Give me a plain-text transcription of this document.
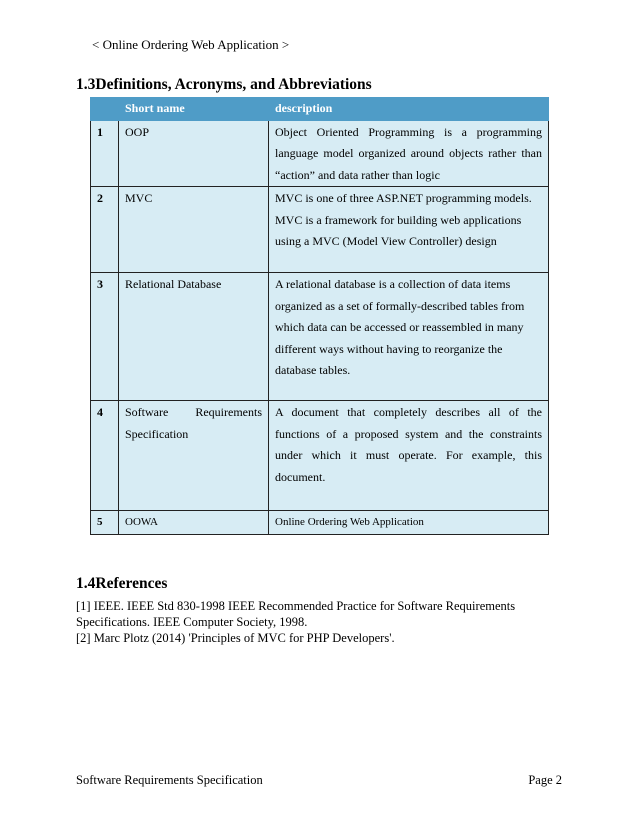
< Online Ordering Web Application >
1.3Definitions, Acronyms, and Abbreviations
	Short name	description
1	OOP	Object Oriented Programming is a programming language model organized around objects rather than “action” and data rather than logic
2	MVC	MVC is one of three ASP.NET programming models. MVC is a framework for building web applications using a MVC (Model View Controller) design
3	Relational Database	A relational database is a collection of data items organized as a set of formally-described tables from which data can be accessed or reassembled in many different ways without having to reorganize the database tables.
4	Software Requirements Specification	A document that completely describes all of the functions of a proposed system and the constraints under which it must operate. For example, this document.
5	OOWA	Online Ordering Web Application
1.4References
[1] IEEE. IEEE Std 830-1998 IEEE Recommended Practice for Software Requirements Specifications. IEEE Computer Society, 1998.
[2] Marc Plotz (2014) 'Principles of MVC for PHP Developers'.
Software Requirements Specification	Page 2
